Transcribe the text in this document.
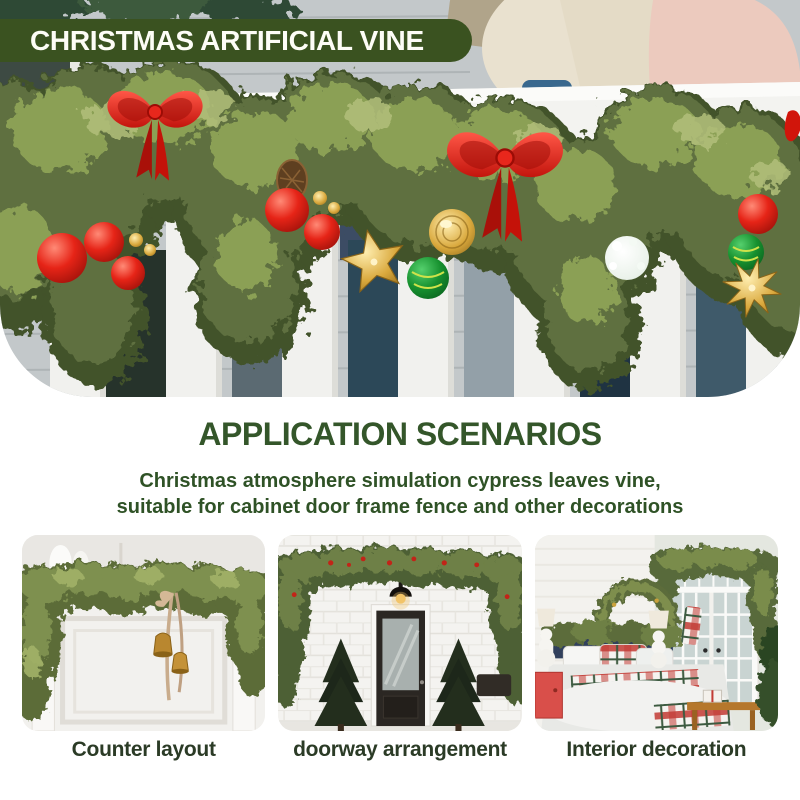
CHRISTMAS ARTIFICIAL VINE
APPLICATION SCENARIOS
Christmas atmosphere simulation cypress leaves vine,
suitable for cabinet door frame fence and other decorations
Counter layout	doorway arrangement	Interior decoration
